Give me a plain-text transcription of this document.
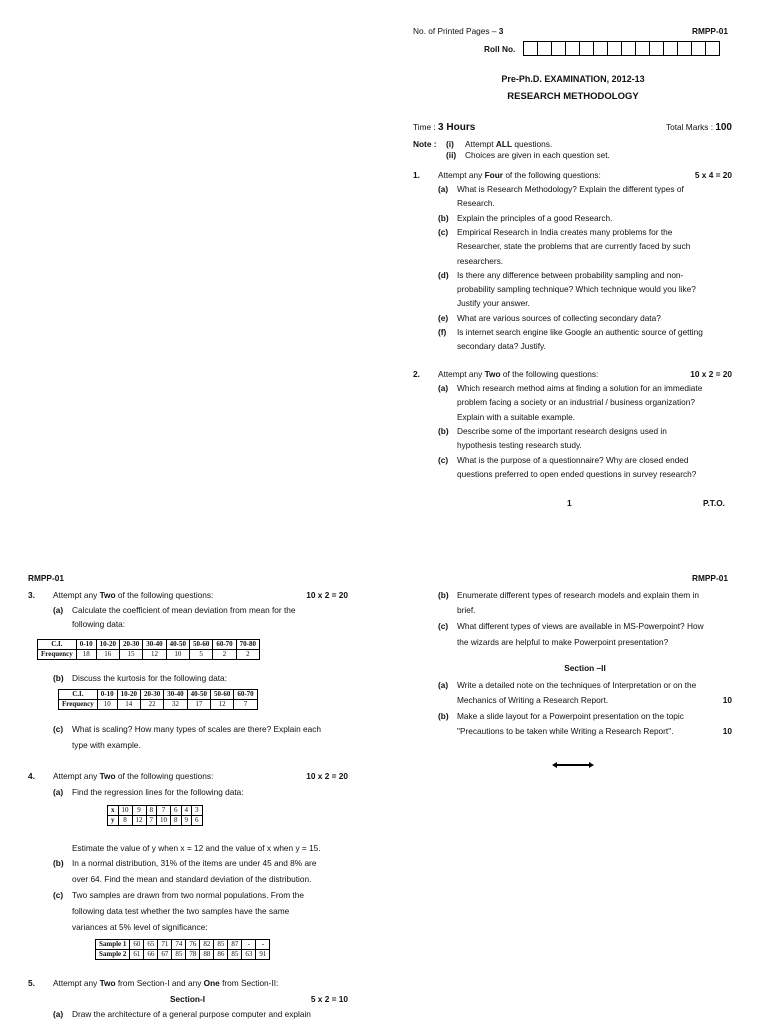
No. of Printed Pages – 3	RMPP-01
Roll No.
Pre-Ph.D. EXAMINATION, 2012-13
RESEARCH METHODOLOGY
Time : 3 Hours	Total Marks : 100
Note : (i) Attempt ALL questions.
(ii) Choices are given in each question set.
1. Attempt any Four of the following questions:	5 x 4 = 20
(a) What is Research Methodology? Explain the different types of
Research.
(b) Explain the principles of a good Research.
(c) Empirical Research in India creates many problems for the
Researcher, state the problems that are currently faced by such
researchers.
(d) Is there any difference between probability sampling and non-
probability sampling technique? Which technique would you like?
Justify your answer.
(e) What are various sources of collecting secondary data?
(f) Is internet search engine like Google an authentic source of getting
secondary data? Justify.
2. Attempt any Two of the following questions:	10 x 2 = 20
(a) Which research method aims at finding a solution for an immediate
problem facing a society or an industrial / business organization?
Explain with a suitable example.
(b) Describe some of the important research designs used in
hypothesis testing research study.
(c) What is the purpose of a questionnaire? Why are closed ended
questions preferred to open ended questions in survey research?
1	P.T.O.
RMPP-01	RMPP-01
3. Attempt any Two of the following questions:	10 x 2 = 20
(a) Calculate the coefficient of mean deviation from mean for the
following data:
C.I.	0-10	10-20	20-30	30-40	40-50	50-60	60-70	70-80
Frequency	18	16	15	12	10	5	2	2
(b) Discuss the kurtosis for the following data:
C.I.	0-10	10-20	20-30	30-40	40-50	50-60	60-70
Frequency	10	14	22	32	17	12	7
(c) What is scaling? How many types of scales are there? Explain each
type with example.
4. Attempt any Two of the following questions:	10 x 2 = 20
(a) Find the regression lines for the following data:
x	10	9	8	7	6	4	3
y	8	12	7	10	8	9	6
Estimate the value of y when x = 12 and the value of x when y = 15.
(b) In a normal distribution, 31% of the items are under 45 and 8% are
over 64. Find the mean and standard deviation of the distribution.
(c) Two samples are drawn from two normal populations. From the
following data test whether the two samples have the same
variances at 5% level of significance:
Sample 1	60	65	71	74	76	82	85	87	-	-
Sample 2	61	66	67	85	78	88	86	85	63	91
5. Attempt any Two from Section-I and any One from Section-II:
Section-I	5 x 2 = 10
(a) Draw the architecture of a general purpose computer and explain
(b) Enumerate different types of research models and explain them in
brief.
(c) What different types of views are available in MS-Powerpoint? How
the wizards are helpful to make Powerpoint presentation?
Section –II
(a) Write a detailed note on the techniques of Interpretation or on the
Mechanics of Writing a Research Report.	10
(b) Make a slide layout for a Powerpoint presentation on the topic
"Precautions to be taken while Writing a Research Report".	10
